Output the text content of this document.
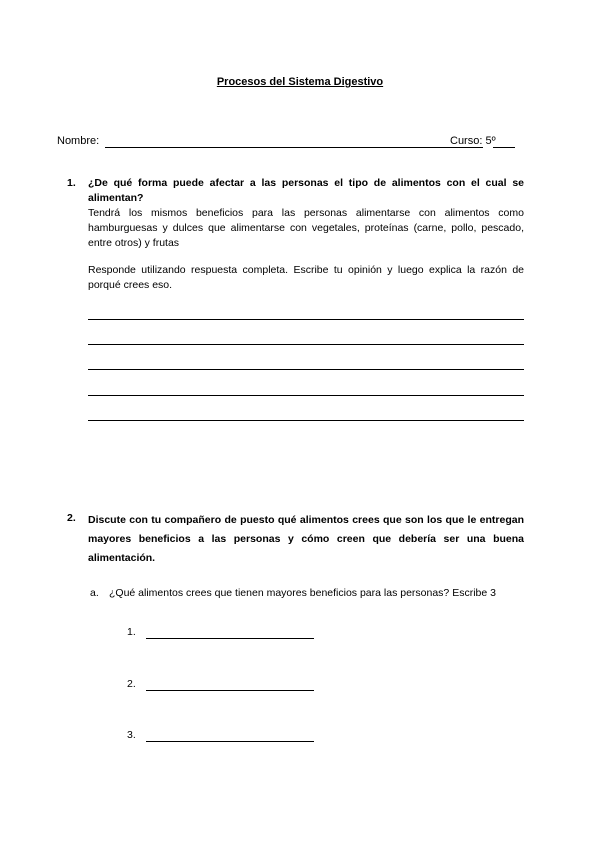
Procesos del Sistema Digestivo
Nombre:	Curso: 5º
1. ¿De qué forma puede afectar a las personas el tipo de alimentos con el cual se alimentan?
Tendrá los mismos beneficios para las personas alimentarse con alimentos como hamburguesas y dulces que alimentarse con vegetales, proteínas (carne, pollo, pescado, entre otros) y frutas
Responde utilizando respuesta completa. Escribe tu opinión y luego explica la razón de porqué crees eso.
2. Discute con tu compañero de puesto qué alimentos crees que son los que le entregan mayores beneficios a las personas y cómo creen que debería ser una buena alimentación.
a. ¿Qué alimentos crees que tienen mayores beneficios para las personas? Escribe 3
1.
2.
3.
